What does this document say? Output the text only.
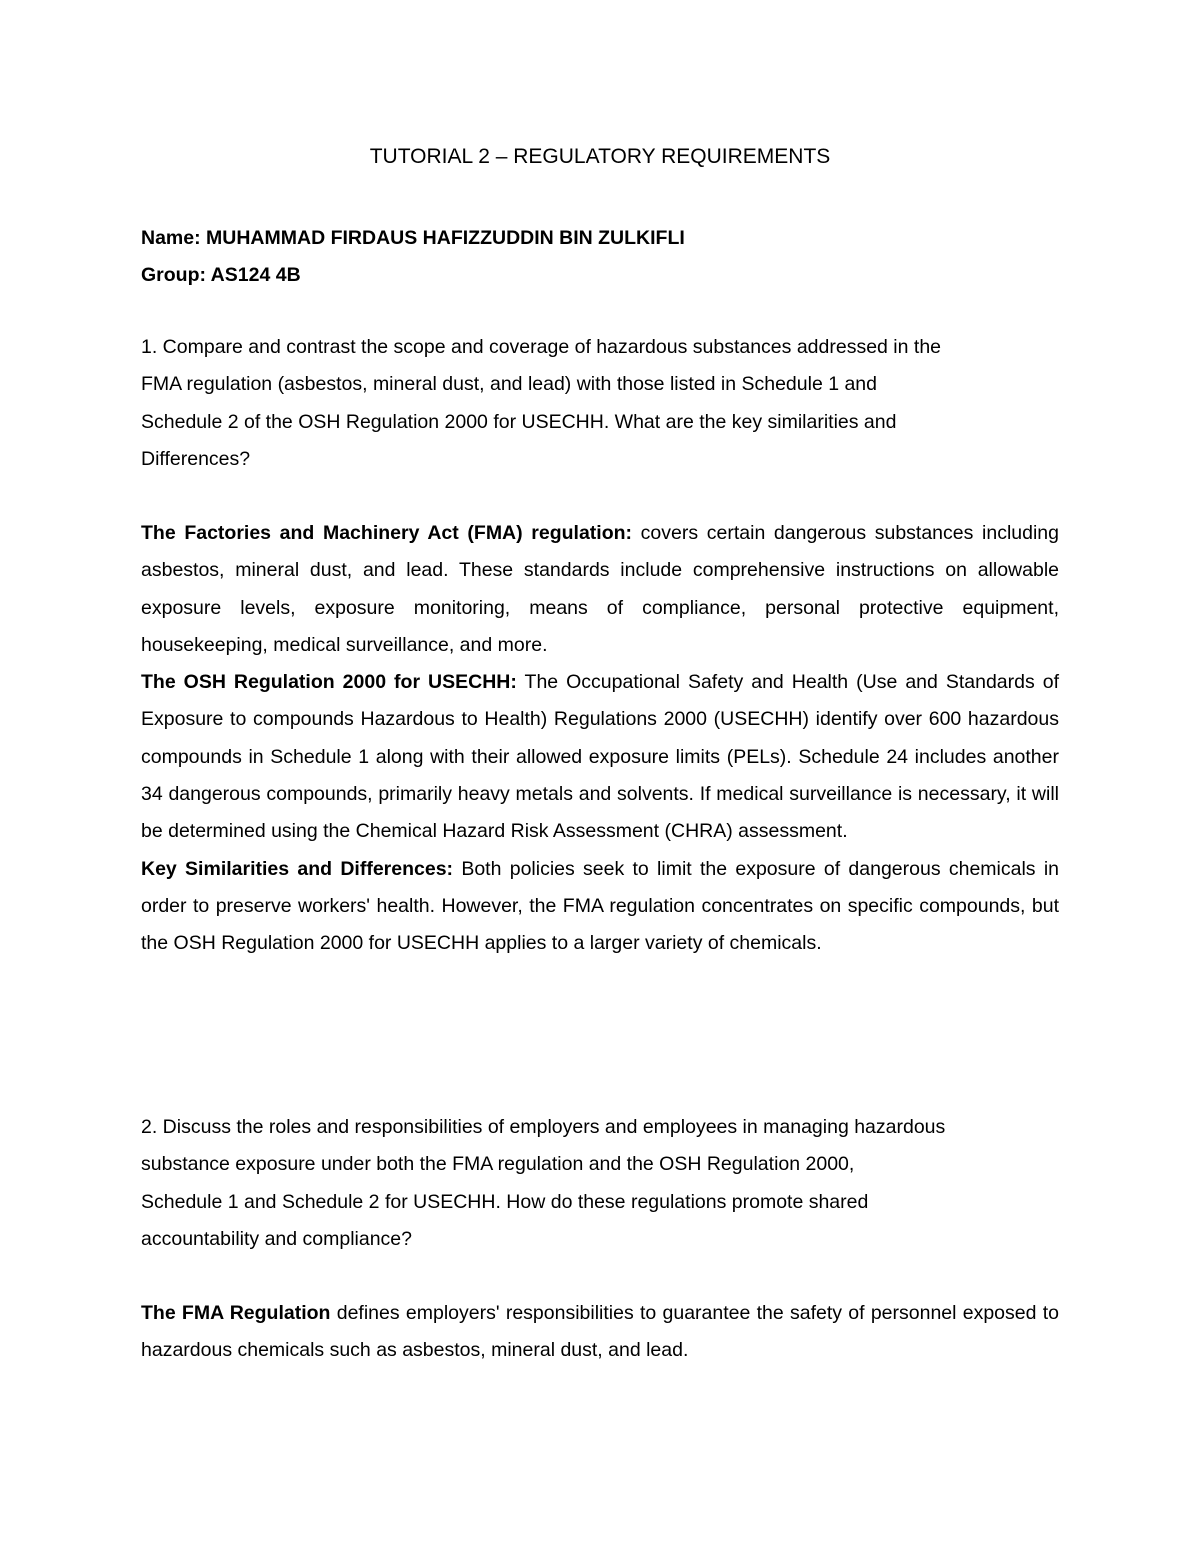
TUTORIAL 2 – REGULATORY REQUIREMENTS

Name: MUHAMMAD FIRDAUS HAFIZZUDDIN BIN ZULKIFLI

Group: AS124 4B

1. Compare and contrast the scope and coverage of hazardous substances addressed in the
FMA regulation (asbestos, mineral dust, and lead) with those listed in Schedule 1 and
Schedule 2 of the OSH Regulation 2000 for USECHH. What are the key similarities and
Differences?

The Factories and Machinery Act (FMA) regulation: covers certain dangerous substances including asbestos, mineral dust, and lead. These standards include comprehensive instructions on allowable exposure levels, exposure monitoring, means of compliance, personal protective equipment, housekeeping, medical surveillance, and more.

The OSH Regulation 2000 for USECHH: The Occupational Safety and Health (Use and Standards of Exposure to compounds Hazardous to Health) Regulations 2000 (USECHH) identify over 600 hazardous compounds in Schedule 1 along with their allowed exposure limits (PELs). Schedule 24 includes another 34 dangerous compounds, primarily heavy metals and solvents. If medical surveillance is necessary, it will be determined using the Chemical Hazard Risk Assessment (CHRA) assessment.

Key Similarities and Differences: Both policies seek to limit the exposure of dangerous chemicals in order to preserve workers' health. However, the FMA regulation concentrates on specific compounds, but the OSH Regulation 2000 for USECHH applies to a larger variety of chemicals.

2. Discuss the roles and responsibilities of employers and employees in managing hazardous
substance exposure under both the FMA regulation and the OSH Regulation 2000,
Schedule 1 and Schedule 2 for USECHH. How do these regulations promote shared
accountability and compliance?

The FMA Regulation defines employers' responsibilities to guarantee the safety of personnel exposed to hazardous chemicals such as asbestos, mineral dust, and lead.
